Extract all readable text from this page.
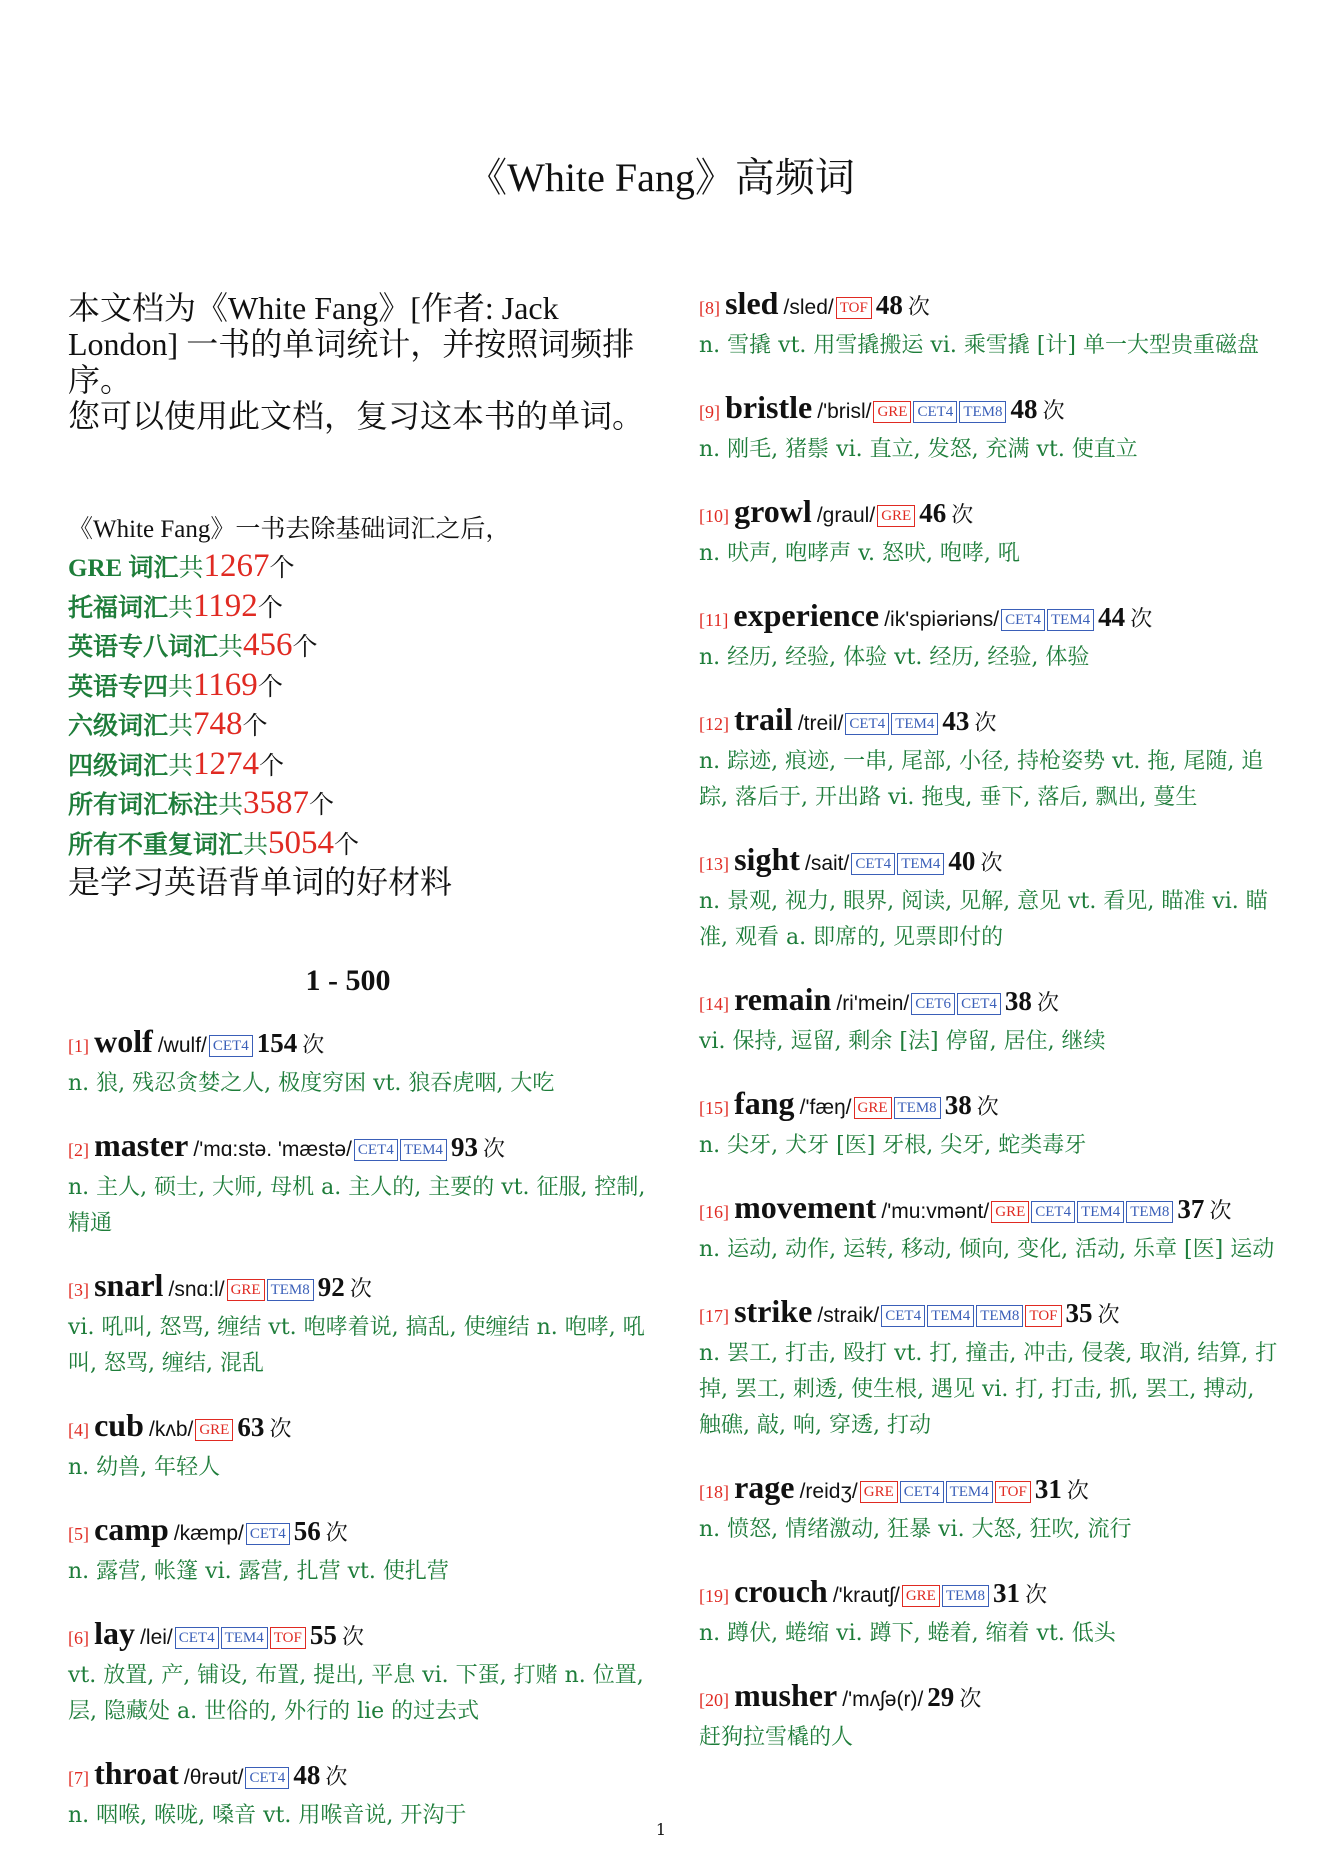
《White Fang》高频词
本文档为《White Fang》[作者: Jack London] 一书的单词统计，并按照词频排序。
您可以使用此文档，复习这本书的单词。
《White Fang》一书去除基础词汇之后，
GRE 词汇共1267个
托福词汇共1192个
英语专八词汇共456个
英语专四共1169个
六级词汇共748个
四级词汇共1274个
所有词汇标注共3587个
所有不重复词汇共5054个
是学习英语背单词的好材料
1 - 500
[1] wolf /wulf/ CET4 154 次
n. 狼, 残忍贪婪之人, 极度穷困 vt. 狼吞虎咽, 大吃
[2] master /'mɑ:stə. 'mæstə/ CET4 TEM4 93 次
n. 主人, 硕士, 大师, 母机 a. 主人的, 主要的 vt. 征服, 控制, 精通
[3] snarl /snɑ:l/ GRE TEM8 92 次
vi. 吼叫, 怒骂, 缠结 vt. 咆哮着说, 搞乱, 使缠结 n. 咆哮, 吼叫, 怒骂, 缠结, 混乱
[4] cub /kʌb/ GRE 63 次
n. 幼兽, 年轻人
[5] camp /kæmp/ CET4 56 次
n. 露营, 帐篷 vi. 露营, 扎营 vt. 使扎营
[6] lay /lei/ CET4 TEM4 TOF 55 次
vt. 放置, 产, 铺设, 布置, 提出, 平息 vi. 下蛋, 打赌 n. 位置, 层, 隐藏处 a. 世俗的, 外行的 lie 的过去式
[7] throat /θrəut/ CET4 48 次
n. 咽喉, 喉咙, 嗓音 vt. 用喉音说, 开沟于
[8] sled /sled/ TOF 48 次
n. 雪撬 vt. 用雪撬搬运 vi. 乘雪撬 [计] 单一大型贵重磁盘
[9] bristle /'brisl/ GRE CET4 TEM8 48 次
n. 刚毛, 猪鬃 vi. 直立, 发怒, 充满 vt. 使直立
[10] growl /graul/ GRE 46 次
n. 吠声, 咆哮声 v. 怒吠, 咆哮, 吼
[11] experience /ik'spiəriəns/ CET4 TEM4 44 次
n. 经历, 经验, 体验 vt. 经历, 经验, 体验
[12] trail /treil/ CET4 TEM4 43 次
n. 踪迹, 痕迹, 一串, 尾部, 小径, 持枪姿势 vt. 拖, 尾随, 追踪, 落后于, 开出路 vi. 拖曳, 垂下, 落后, 飘出, 蔓生
[13] sight /sait/ CET4 TEM4 40 次
n. 景观, 视力, 眼界, 阅读, 见解, 意见 vt. 看见, 瞄准 vi. 瞄准, 观看 a. 即席的, 见票即付的
[14] remain /ri'mein/ CET6 CET4 38 次
vi. 保持, 逗留, 剩余 [法] 停留, 居住, 继续
[15] fang /'fæŋ/ GRE TEM8 38 次
n. 尖牙, 犬牙 [医] 牙根, 尖牙, 蛇类毒牙
[16] movement /'mu:vmənt/ GRE CET4 TEM4 TEM8 37 次
n. 运动, 动作, 运转, 移动, 倾向, 变化, 活动, 乐章 [医] 运动
[17] strike /straik/ CET4 TEM4 TEM8 TOF 35 次
n. 罢工, 打击, 殴打 vt. 打, 撞击, 冲击, 侵袭, 取消, 结算, 打掉, 罢工, 刺透, 使生根, 遇见 vi. 打, 打击, 抓, 罢工, 搏动, 触礁, 敲, 响, 穿透, 打动
[18] rage /reidʒ/ GRE CET4 TEM4 TOF 31 次
n. 愤怒, 情绪激动, 狂暴 vi. 大怒, 狂吹, 流行
[19] crouch /'krautʃ/ GRE TEM8 31 次
n. 蹲伏, 蜷缩 vi. 蹲下, 蜷着, 缩着 vt. 低头
[20] musher /'mʌʃə(r)/ 29 次
赶狗拉雪橇的人
1
